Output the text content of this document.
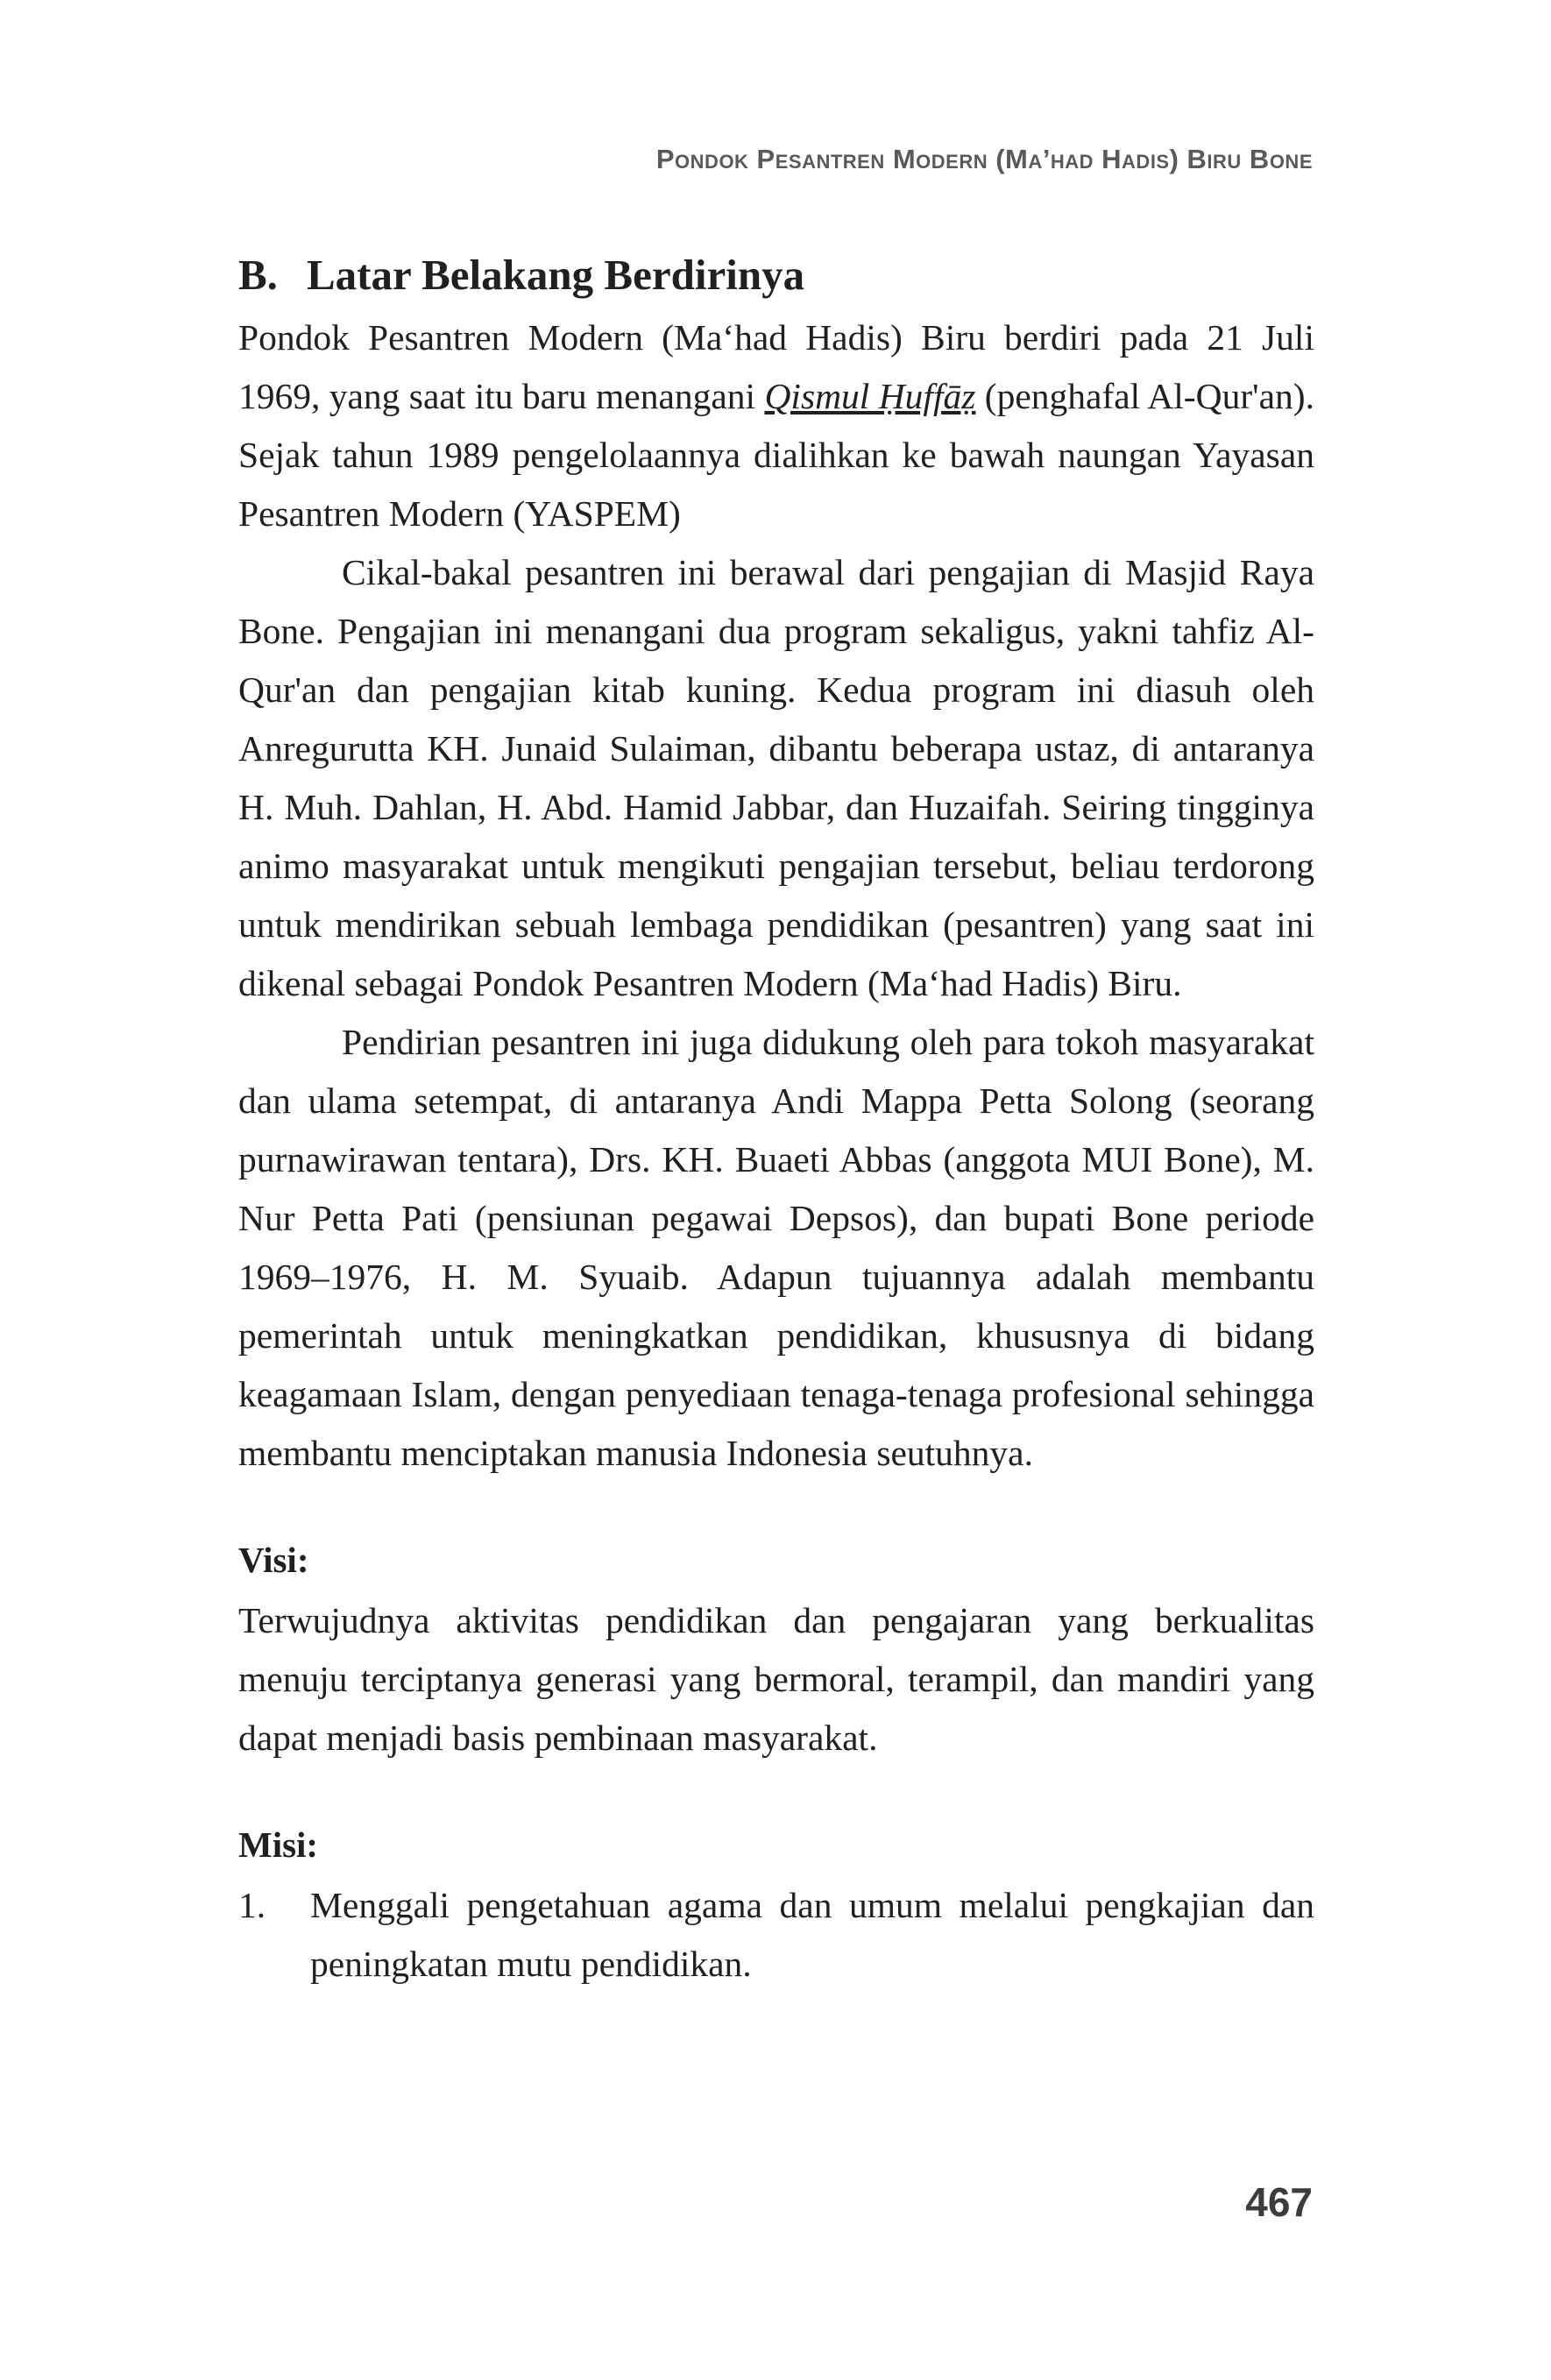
Pondok Pesantren Modern (Ma’had Hadis) Biru Bone
B. Latar Belakang Berdirinya

Pondok Pesantren Modern (Ma‘had Hadis) Biru berdiri pada 21 Juli 1969, yang saat itu baru menangani Qismul Ḥuffāẓ (penghafal Al-Qur'an). Sejak tahun 1989 pengelolaannya dialihkan ke bawah naungan Yayasan Pesantren Modern (YASPEM)

Cikal-bakal pesantren ini berawal dari pengajian di Masjid Raya Bone. Pengajian ini menangani dua program sekaligus, yakni tahfiz Al-Qur'an dan pengajian kitab kuning. Kedua program ini diasuh oleh Anregurutta KH. Junaid Sulaiman, dibantu beberapa ustaz, di antaranya H. Muh. Dahlan, H. Abd. Hamid Jabbar, dan Huzaifah. Seiring tingginya animo masyarakat untuk mengikuti pengajian tersebut, beliau terdorong untuk mendirikan sebuah lembaga pendidikan (pesantren) yang saat ini dikenal sebagai Pondok Pesantren Modern (Ma‘had Hadis) Biru.

Pendirian pesantren ini juga didukung oleh para tokoh masyarakat dan ulama setempat, di antaranya Andi Mappa Petta Solong (seorang purnawirawan tentara), Drs. KH. Buaeti Abbas (anggota MUI Bone), M. Nur Petta Pati (pensiunan pegawai Depsos), dan bupati Bone periode 1969–1976, H. M. Syuaib. Adapun tujuannya adalah membantu pemerintah untuk meningkatkan pendidikan, khususnya di bidang keagamaan Islam, dengan penyediaan tenaga-tenaga profesional sehingga membantu menciptakan manusia Indonesia seutuhnya.

Visi:

Terwujudnya aktivitas pendidikan dan pengajaran yang berkualitas menuju terciptanya generasi yang bermoral, terampil, dan mandiri yang dapat menjadi basis pembinaan masyarakat.

Misi:
1.	Menggali pengetahuan agama dan umum melalui pengkajian dan peningkatan mutu pendidikan.
467
